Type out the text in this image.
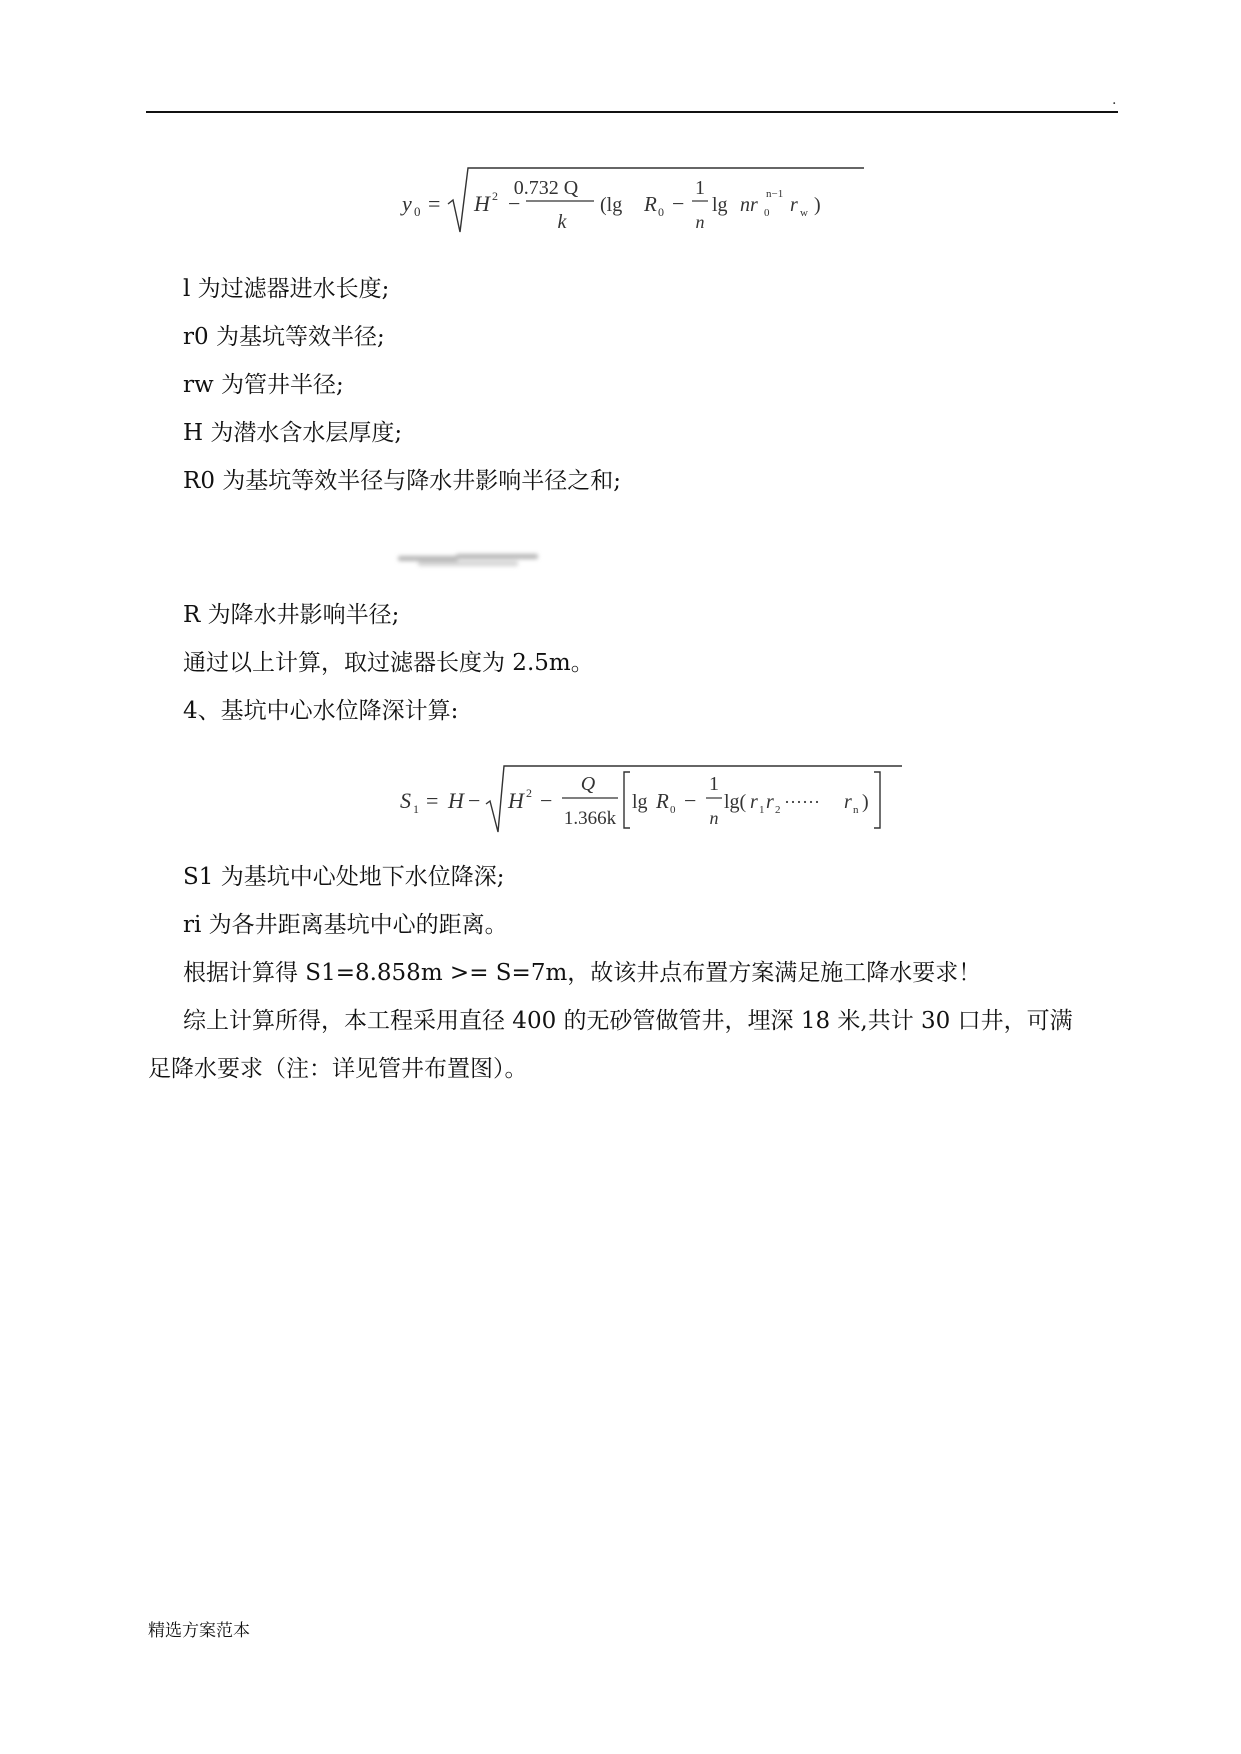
.
y 0 = H 2 −
0.732 Q
k
(lg R 0 −
1
n
lg nr 0
n−1 r w )
l 为过滤器进水长度;
r0 为基坑等效半径;
rw 为管井半径;
H 为潜水含水层厚度;
R0 为基坑等效半径与降水井影响半径之和;
R 为降水井影响半径;
通过以上计算，取过滤器长度为 2.5m。
4、基坑中心水位降深计算:
S 1 = H − H 2 −
Q
1.366k
lg R 0 −
1
n
lg( r 1 r 2 ······ r n )
S1 为基坑中心处地下水位降深;
ri 为各井距离基坑中心的距离。
根据计算得 S1=8.858m >= S=7m，故该井点布置方案满足施工降水要求！
综上计算所得，本工程采用直径 400 的无砂管做管井，埋深 18 米,共计 30 口井，可满
足降水要求（注：详见管井布置图）。
精选方案范本
